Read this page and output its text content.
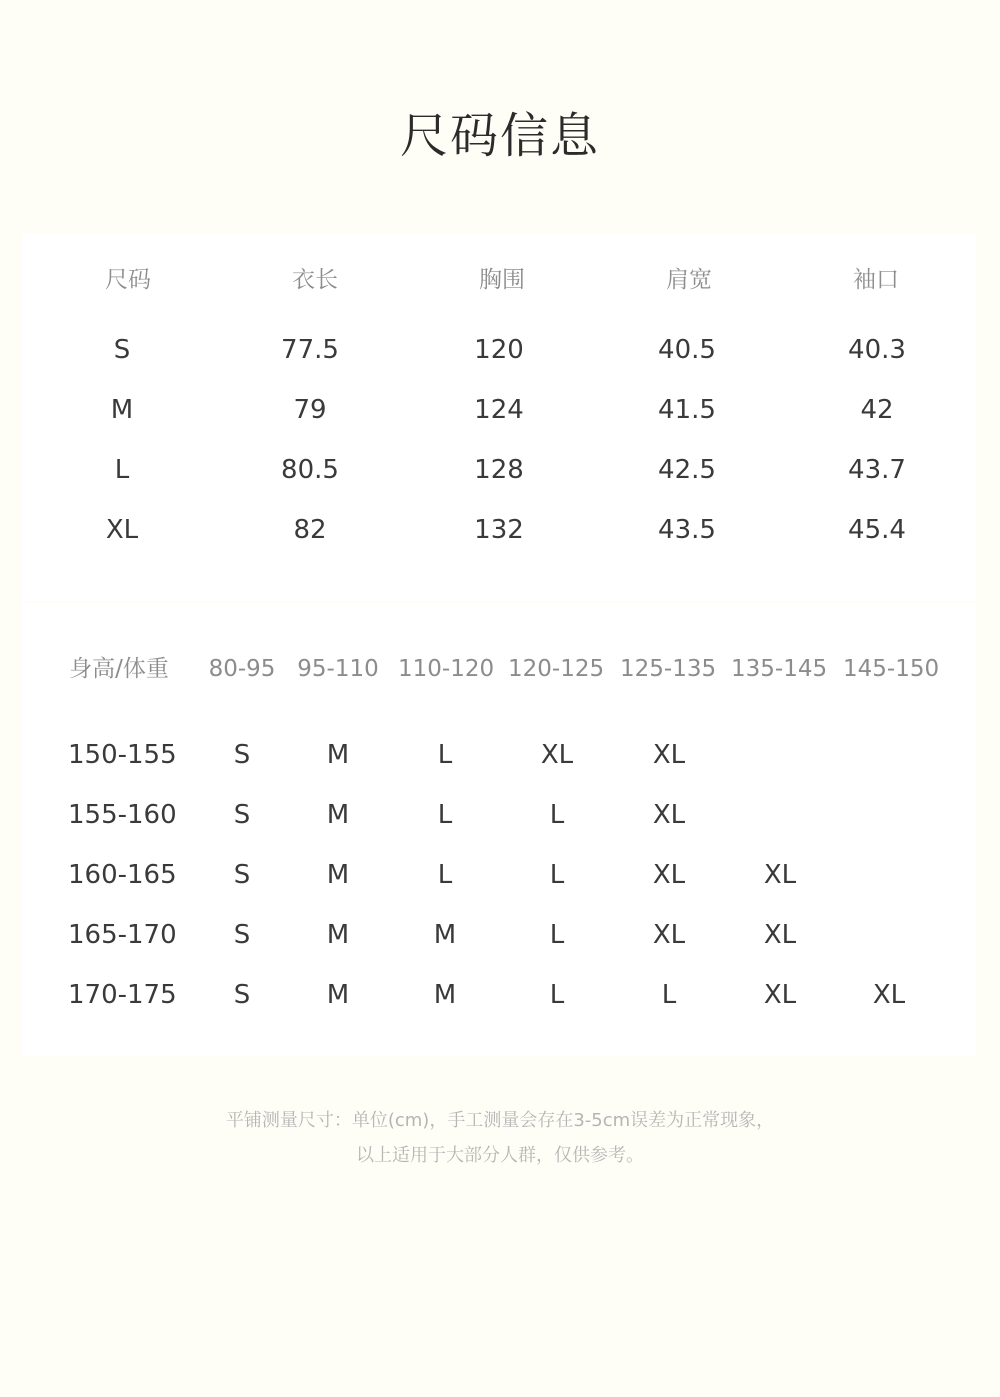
尺码信息
尺码	衣长	胸围	肩宽	袖口
S	77.5	120	40.5	40.3
M	79	124	41.5	42
L	80.5	128	42.5	43.7
XL	82	132	43.5	45.4
身高/体重	80-95 95-110 110-120 120-125 125-135 135-145 145-150
150-155	S	M	L	XL	XL
155-160	S	M	L	L	XL
160-165	S	M	L	L	XL	XL
165-170	S	M	M	L	XL	XL
170-175	S	M	M	L	L	XL	XL
平铺测量尺寸：单位(cm)，手工测量会存在3-5cm误差为正常现象，
以上适用于大部分人群，仅供参考。
